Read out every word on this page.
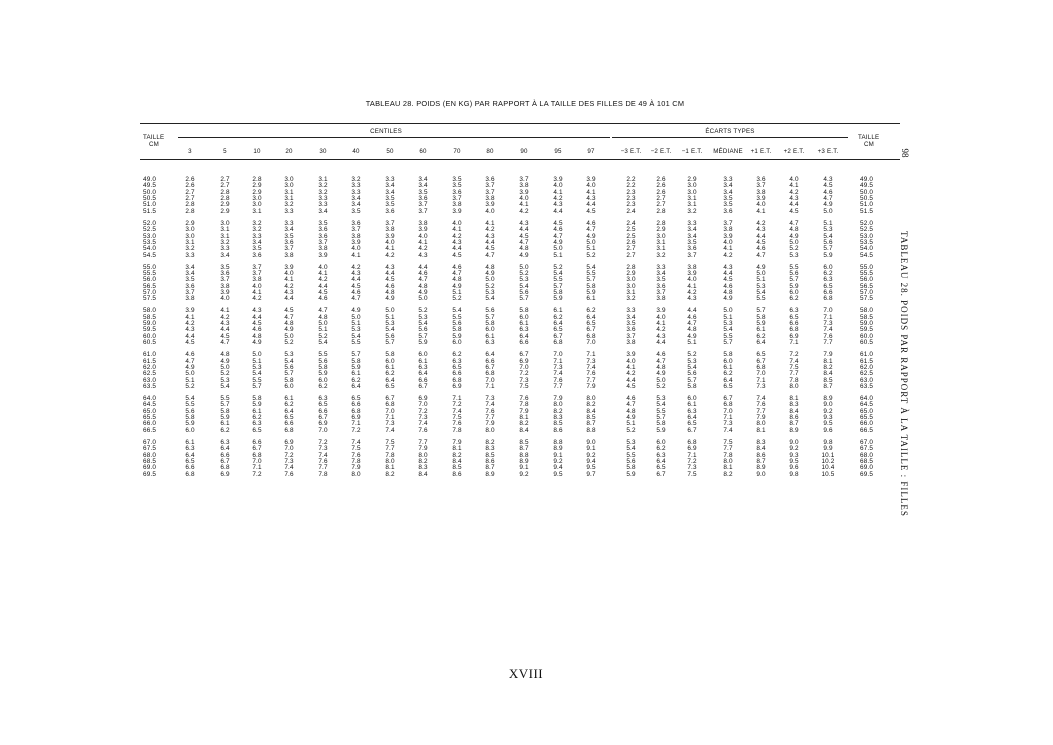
TABLEAU 28. POIDS (EN KG) PAR RAPPORT À LA TAILLE DES FILLES DE 49 À 101 CM
TAILLE
CM
CENTILES	ÉCARTS TYPES
TAILLE
CM
3	5	10	20	30	40	50	60	70	80	90	95	97	−3 E.T. −2 E.T. −1 E.T. MÉDIANE +1 E.T. +2 E.T. +3 E.T.
49.0	2.6	2.7	2.8	3.0	3.1	3.2	3.3	3.4	3.5	3.6	3.7	3.9	3.9	2.2	2.6	2.9	3.3	3.6	4.0	4.3	49.0
49.5	2.6	2.7	2.9	3.0	3.2	3.3	3.4	3.4	3.5	3.7	3.8	4.0	4.0	2.2	2.6	3.0	3.4	3.7	4.1	4.5	49.5
50.0	2.7	2.8	2.9	3.1	3.2	3.3	3.4	3.5	3.6	3.7	3.9	4.1	4.1	2.3	2.6	3.0	3.4	3.8	4.2	4.6	50.0
50.5	2.7	2.8	3.0	3.1	3.3	3.4	3.5	3.6	3.7	3.8	4.0	4.2	4.3	2.3	2.7	3.1	3.5	3.9	4.3	4.7	50.5
51.0	2.8	2.9	3.0	3.2	3.3	3.4	3.5	3.7	3.8	3.9	4.1	4.3	4.4	2.3	2.7	3.1	3.5	4.0	4.4	4.9	51.0
51.5	2.8	2.9	3.1	3.3	3.4	3.5	3.6	3.7	3.9	4.0	4.2	4.4	4.5	2.4	2.8	3.2	3.6	4.1	4.5	5.0	51.5
52.0	2.9	3.0	3.2	3.3	3.5	3.6	3.7	3.8	4.0	4.1	4.3	4.5	4.6	2.4	2.8	3.3	3.7	4.2	4.7	5.1	52.0
52.5	3.0	3.1	3.2	3.4	3.6	3.7	3.8	3.9	4.1	4.2	4.4	4.6	4.7	2.5	2.9	3.4	3.8	4.3	4.8	5.3	52.5
53.0	3.0	3.1	3.3	3.5	3.6	3.8	3.9	4.0	4.2	4.3	4.5	4.7	4.9	2.5	3.0	3.4	3.9	4.4	4.9	5.4	53.0
53.5	3.1	3.2	3.4	3.6	3.7	3.9	4.0	4.1	4.3	4.4	4.7	4.9	5.0	2.6	3.1	3.5	4.0	4.5	5.0	5.6	53.5
54.0	3.2	3.3	3.5	3.7	3.8	4.0	4.1	4.2	4.4	4.5	4.8	5.0	5.1	2.7	3.1	3.6	4.1	4.6	5.2	5.7	54.0
54.5	3.3	3.4	3.6	3.8	3.9	4.1	4.2	4.3	4.5	4.7	4.9	5.1	5.2	2.7	3.2	3.7	4.2	4.7	5.3	5.9	54.5
55.0	3.4	3.5	3.7	3.9	4.0	4.2	4.3	4.4	4.6	4.8	5.0	5.2	5.4	2.8	3.3	3.8	4.3	4.9	5.5	6.0	55.0
55.5	3.4	3.6	3.7	4.0	4.1	4.3	4.4	4.6	4.7	4.9	5.2	5.4	5.5	2.9	3.4	3.9	4.4	5.0	5.6	6.2	55.5
56.0	3.5	3.7	3.8	4.1	4.2	4.4	4.5	4.7	4.8	5.0	5.3	5.5	5.7	3.0	3.5	4.0	4.5	5.1	5.7	6.3	56.0
56.5	3.6	3.8	4.0	4.2	4.4	4.5	4.6	4.8	4.9	5.2	5.4	5.7	5.8	3.0	3.6	4.1	4.6	5.3	5.9	6.5	56.5
57.0	3.7	3.9	4.1	4.3	4.5	4.6	4.8	4.9	5.1	5.3	5.6	5.8	5.9	3.1	3.7	4.2	4.8	5.4	6.0	6.6	57.0
57.5	3.8	4.0	4.2	4.4	4.6	4.7	4.9	5.0	5.2	5.4	5.7	5.9	6.1	3.2	3.8	4.3	4.9	5.5	6.2	6.8	57.5
58.0	3.9	4.1	4.3	4.5	4.7	4.9	5.0	5.2	5.4	5.6	5.8	6.1	6.2	3.3	3.9	4.4	5.0	5.7	6.3	7.0	58.0
58.5	4.1	4.2	4.4	4.7	4.8	5.0	5.1	5.3	5.5	5.7	6.0	6.2	6.4	3.4	4.0	4.6	5.1	5.8	6.5	7.1	58.5
59.0	4.2	4.3	4.5	4.8	5.0	5.1	5.3	5.4	5.6	5.8	6.1	6.4	6.5	3.5	4.1	4.7	5.3	5.9	6.6	7.3	59.0
59.5	4.3	4.4	4.6	4.9	5.1	5.3	5.4	5.6	5.8	6.0	6.3	6.5	6.7	3.6	4.2	4.8	5.4	6.1	6.8	7.4	59.5
60.0	4.4	4.5	4.8	5.0	5.2	5.4	5.6	5.7	5.9	6.1	6.4	6.7	6.8	3.7	4.3	4.9	5.5	6.2	6.9	7.6	60.0
60.5	4.5	4.7	4.9	5.2	5.4	5.5	5.7	5.9	6.0	6.3	6.6	6.8	7.0	3.8	4.4	5.1	5.7	6.4	7.1	7.7	60.5
61.0	4.6	4.8	5.0	5.3	5.5	5.7	5.8	6.0	6.2	6.4	6.7	7.0	7.1	3.9	4.6	5.2	5.8	6.5	7.2	7.9	61.0
61.5	4.7	4.9	5.1	5.4	5.6	5.8	6.0	6.1	6.3	6.6	6.9	7.1	7.3	4.0	4.7	5.3	6.0	6.7	7.4	8.1	61.5
62.0	4.9	5.0	5.3	5.6	5.8	5.9	6.1	6.3	6.5	6.7	7.0	7.3	7.4	4.1	4.8	5.4	6.1	6.8	7.5	8.2	62.0
62.5	5.0	5.2	5.4	5.7	5.9	6.1	6.2	6.4	6.6	6.8	7.2	7.4	7.6	4.2	4.9	5.6	6.2	7.0	7.7	8.4	62.5
63.0	5.1	5.3	5.5	5.8	6.0	6.2	6.4	6.6	6.8	7.0	7.3	7.6	7.7	4.4	5.0	5.7	6.4	7.1	7.8	8.5	63.0
63.5	5.2	5.4	5.7	6.0	6.2	6.4	6.5	6.7	6.9	7.1	7.5	7.7	7.9	4.5	5.2	5.8	6.5	7.3	8.0	8.7	63.5
64.0	5.4	5.5	5.8	6.1	6.3	6.5	6.7	6.9	7.1	7.3	7.6	7.9	8.0	4.6	5.3	6.0	6.7	7.4	8.1	8.9	64.0
64.5	5.5	5.7	5.9	6.2	6.5	6.6	6.8	7.0	7.2	7.4	7.8	8.0	8.2	4.7	5.4	6.1	6.8	7.6	8.3	9.0	64.5
65.0	5.6	5.8	6.1	6.4	6.6	6.8	7.0	7.2	7.4	7.6	7.9	8.2	8.4	4.8	5.5	6.3	7.0	7.7	8.4	9.2	65.0
65.5	5.8	5.9	6.2	6.5	6.7	6.9	7.1	7.3	7.5	7.7	8.1	8.3	8.5	4.9	5.7	6.4	7.1	7.9	8.6	9.3	65.5
66.0	5.9	6.1	6.3	6.6	6.9	7.1	7.3	7.4	7.6	7.9	8.2	8.5	8.7	5.1	5.8	6.5	7.3	8.0	8.7	9.5	66.0
66.5	6.0	6.2	6.5	6.8	7.0	7.2	7.4	7.6	7.8	8.0	8.4	8.6	8.8	5.2	5.9	6.7	7.4	8.1	8.9	9.6	66.5
67.0	6.1	6.3	6.6	6.9	7.2	7.4	7.5	7.7	7.9	8.2	8.5	8.8	9.0	5.3	6.0	6.8	7.5	8.3	9.0	9.8	67.0
67.5	6.3	6.4	6.7	7.0	7.3	7.5	7.7	7.9	8.1	8.3	8.7	8.9	9.1	5.4	6.2	6.9	7.7	8.4	9.2	9.9	67.5
68.0	6.4	6.6	6.8	7.2	7.4	7.6	7.8	8.0	8.2	8.5	8.8	9.1	9.2	5.5	6.3	7.1	7.8	8.6	9.3	10.1	68.0
68.5	6.5	6.7	7.0	7.3	7.6	7.8	8.0	8.2	8.4	8.6	8.9	9.2	9.4	5.6	6.4	7.2	8.0	8.7	9.5	10.2	68.5
69.0	6.6	6.8	7.1	7.4	7.7	7.9	8.1	8.3	8.5	8.7	9.1	9.4	9.5	5.8	6.5	7.3	8.1	8.9	9.6	10.4	69.0
69.5	6.8	6.9	7.2	7.6	7.8	8.0	8.2	8.4	8.6	8.9	9.2	9.5	9.7	5.9	6.7	7.5	8.2	9.0	9.8	10.5	69.5
98
TABLEAU 28. POIDS PAR RAPPORT À LA TAILLE : FILLES
XVIII
